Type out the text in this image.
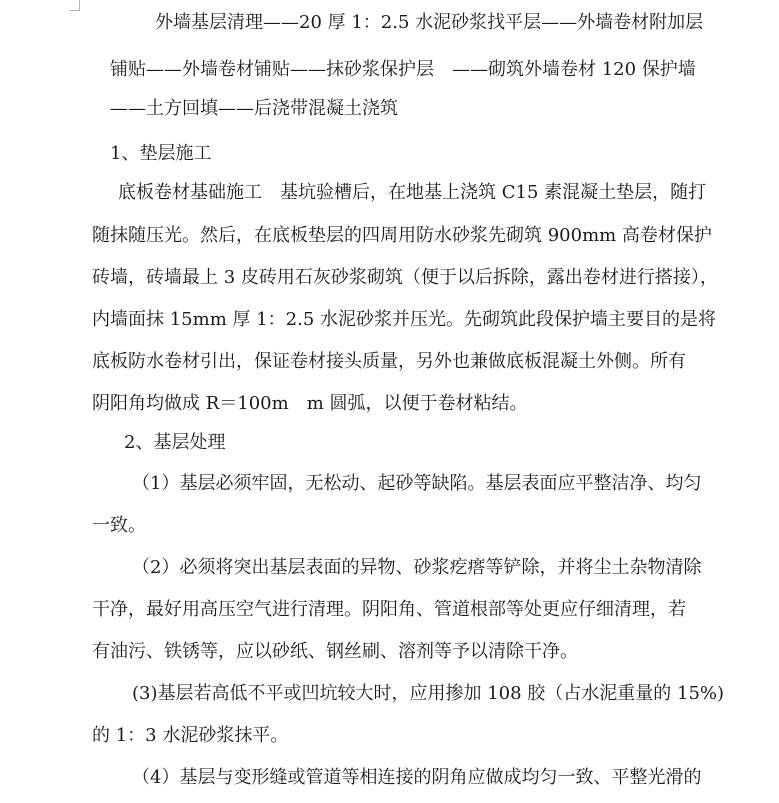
外墙基层清理——20 厚 1：2.5 水泥砂浆找平层——外墙卷材附加层
铺贴——外墙卷材铺贴——抹砂浆保护层　——砌筑外墙卷材 120 保护墙
——土方回填——后浇带混凝土浇筑
1、垫层施工
底板卷材基础施工　基坑验槽后，在地基上浇筑 C15 素混凝土垫层，随打
随抹随压光。然后，在底板垫层的四周用防水砂浆先砌筑 900mm 高卷材保护
砖墙，砖墙最上 3 皮砖用石灰砂浆砌筑（便于以后拆除，露出卷材进行搭接），
内墙面抹 15mm 厚 1：2.5 水泥砂浆并压光。先砌筑此段保护墙主要目的是将
底板防水卷材引出，保证卷材接头质量，另外也兼做底板混凝土外侧。所有
阴阳角均做成 R＝100m　m 圆弧，以便于卷材粘结。
2、基层处理
（1）基层必须牢固，无松动、起砂等缺陷。基层表面应平整洁净、均匀
一致。
（2）必须将突出基层表面的异物、砂浆疙瘩等铲除，并将尘土杂物清除
干净，最好用高压空气进行清理。阴阳角、管道根部等处更应仔细清理，若
有油污、铁锈等，应以砂纸、钢丝刷、溶剂等予以清除干净。
(3)基层若高低不平或凹坑较大时，应用掺加 108 胶（占水泥重量的 15%)
的 1：3 水泥砂浆抹平。
（4）基层与变形缝或管道等相连接的阴角应做成均匀一致、平整光滑的
